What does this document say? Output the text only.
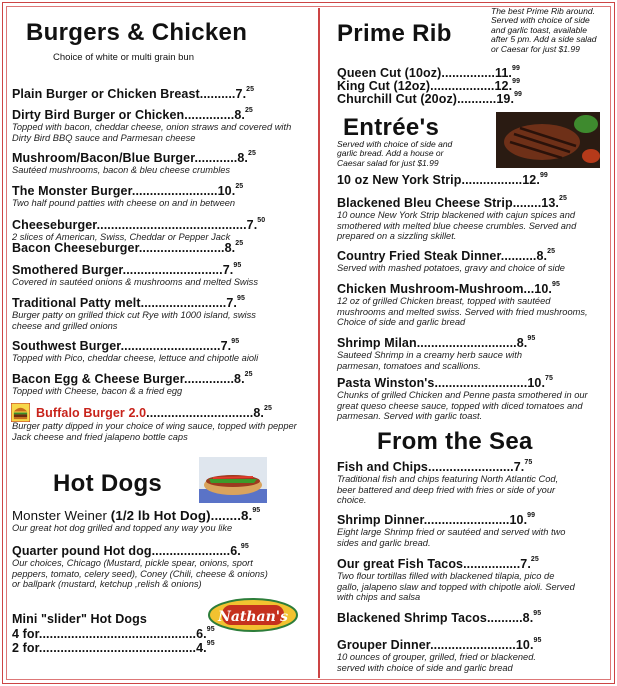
Burgers & Chicken
Choice of white or multi grain bun
Plain Burger or Chicken Breast..........7.25
Dirty Bird Burger or Chicken..............8.25
Topped with bacon, cheddar cheese, onion straws and covered with Dirty Bird BBQ sauce and Parmesan cheese
Mushroom/Bacon/Blue Burger............8.25
Sautéed mushrooms, bacon & bleu cheese crumbles
The Monster Burger........................10.25
Two half pound patties with cheese on and in between
Cheeseburger..........................................7.50
2 slices of American, Swiss, Cheddar or Pepper Jack
Bacon Cheeseburger........................8.25
Smothered Burger............................7.95
Covered in sautéed onions & mushrooms and melted Swiss
Traditional Patty melt........................7.95
Burger patty on grilled thick cut Rye with 1000 island, swiss cheese and grilled onions
Southwest Burger............................7.95
Topped with Pico, cheddar cheese, lettuce and chipotle aioli
Bacon Egg & Cheese Burger..............8.25
Topped with Cheese, bacon & a fried egg
Buffalo Burger 2.0..............................8.25
Burger patty dipped in your choice of wing sauce, topped with pepper Jack cheese and fried jalapeno bottle caps
Hot Dogs
Monster Weiner (1/2 lb Hot Dog)........8.95
Our great hot dog grilled and topped any way you like
Quarter pound Hot dog......................6.95
Our choices, Chicago (Mustard, pickle spear, onions, sport peppers, tomato, celery seed), Coney (Chili, cheese & onions) or ballpark (mustard, ketchup ,relish & onions)
Mini "slider" Hot Dogs	Nathan's
4 for............................................6.95
2 for............................................4.95
Prime Rib
The best Prime Rib around. Served with choice of side and garlic toast, available after 5 pm. Add a side salad or Caesar for just $1.99
Queen Cut (10oz)...............11.99
King Cut (12oz)..................12.99
Churchill Cut (20oz)...........19.99
Entrée's
Served with choice of side and garlic bread. Add a house or Caesar salad for just $1.99
10 oz New York Strip.................12.99
Blackened Bleu Cheese Strip........13.25
10 ounce New York Strip blackened with cajun spices and smothered with melted blue cheese crumbles. Served and prepared on a sizzling skillet.
Country Fried Steak Dinner..........8.25
Served with mashed potatoes, gravy and choice of side
Chicken Mushroom-Mushroom...10.95
12 oz of grilled Chicken breast, topped with sautéed mushrooms and melted swiss. Served with fried mushrooms, Choice of side and garlic bread
Shrimp Milan............................8.95
Sauteed Shrimp in a creamy herb sauce with parmesan, tomatoes and scallions.
Pasta Winston's..........................10.75
Chunks of grilled Chicken and Penne pasta smothered in our great queso cheese sauce, topped with diced tomatoes and parmesan. Served with garlic toast.
From the Sea
Fish and Chips........................7.75
Traditional fish and chips featuring North Atlantic Cod, beer battered and deep fried with fries or side of your choice.
Shrimp Dinner........................10.99
Eight large Shrimp fried or sautéed and served with two sides and garlic bread.
Our great Fish Tacos................7.25
Two flour tortillas filled with blackened tilapia, pico de gallo, jalapeno slaw and topped with chipotle aioli. Served with chips and salsa
Blackened Shrimp Tacos..........8.95
Grouper Dinner........................10.95
10 ounces of grouper, grilled, fried or blackened. served with choice of side and garlic bread
